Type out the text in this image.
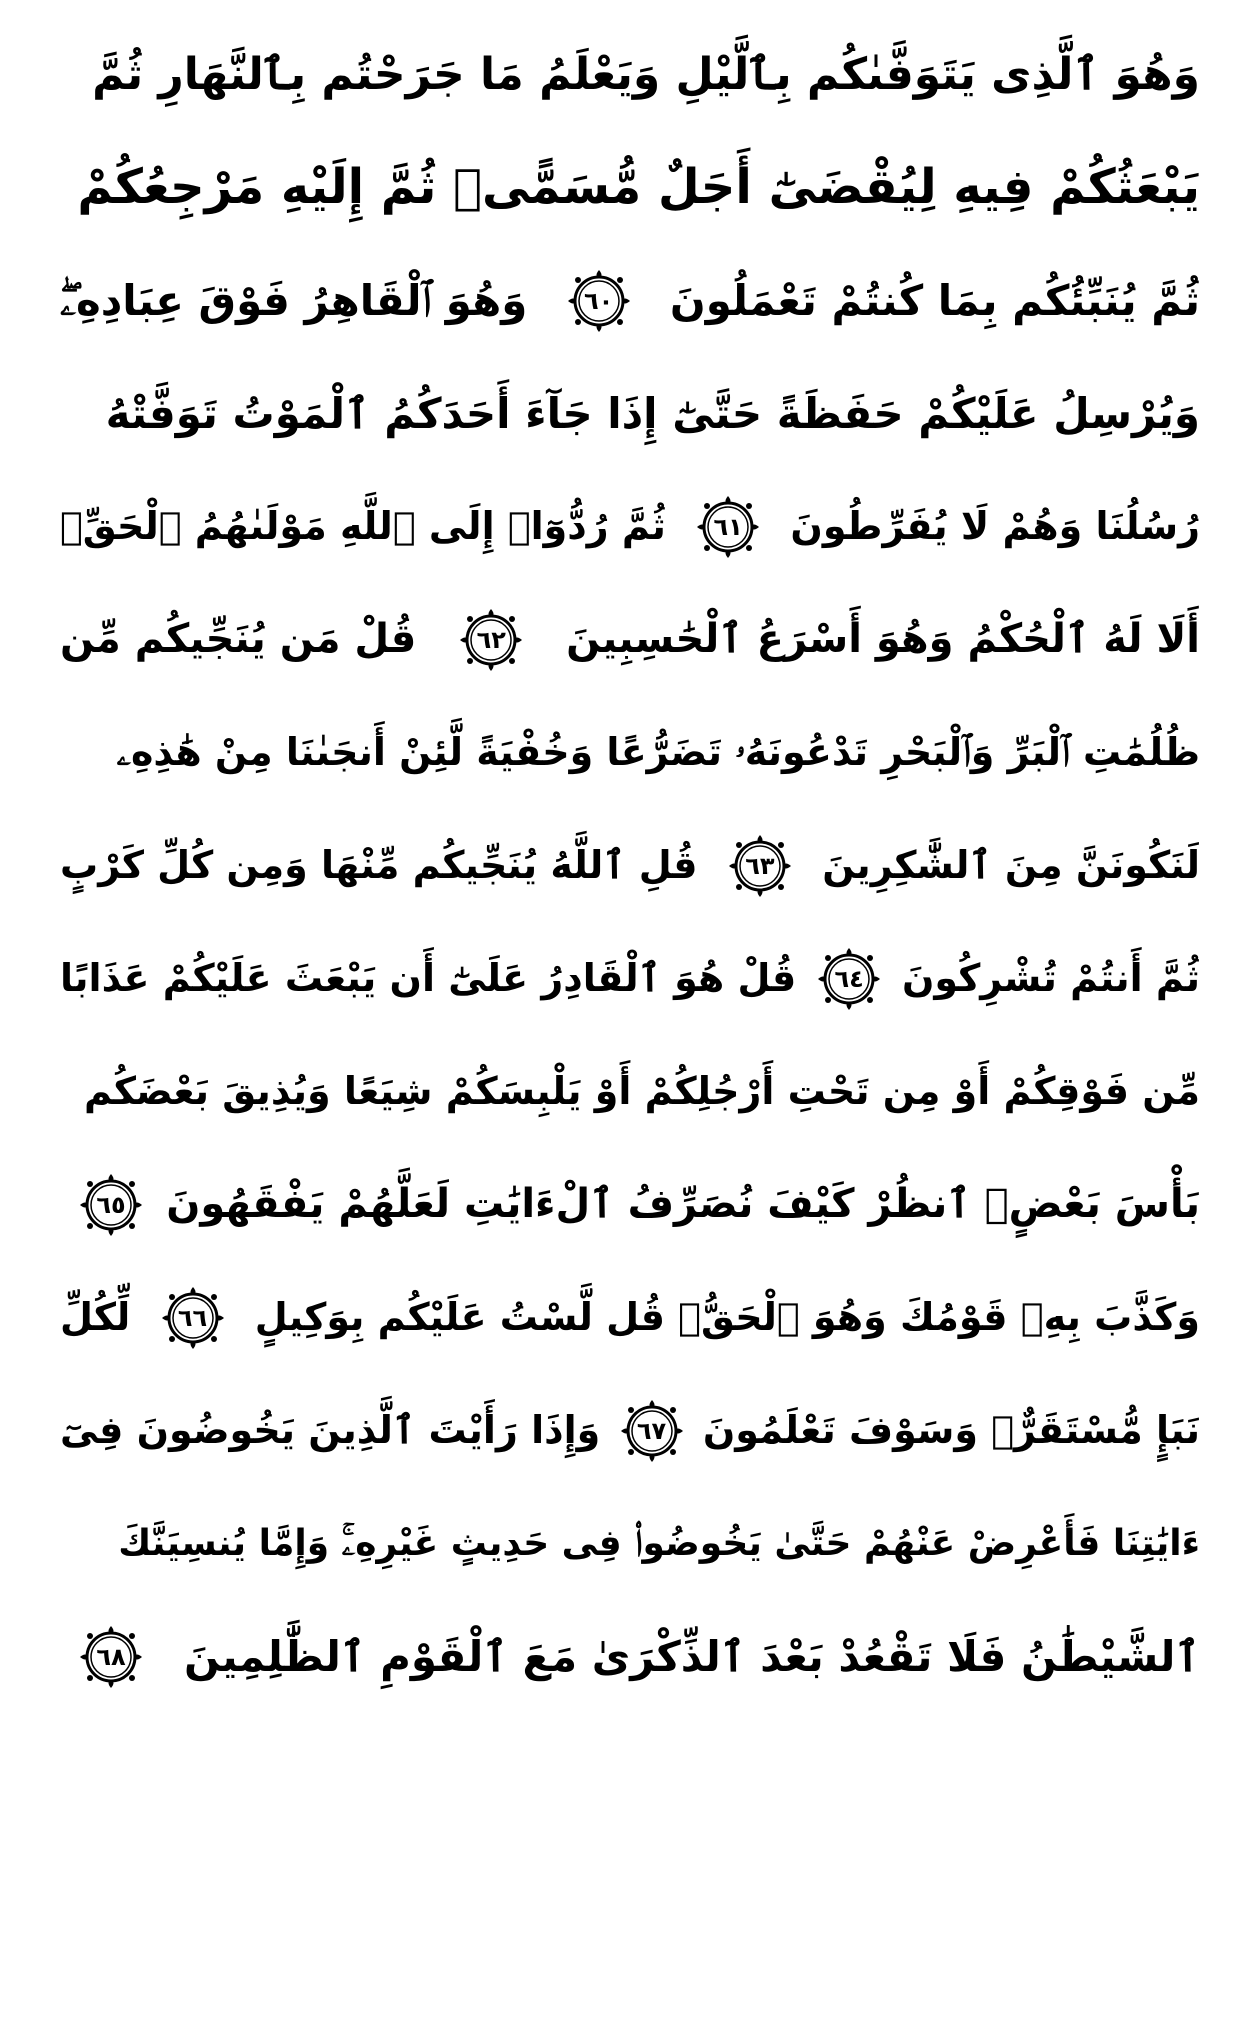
وَهُوَ ٱلَّذِى يَتَوَفَّىٰكُم بِٱلَّيْلِ وَيَعْلَمُ مَا جَرَحْتُم بِٱلنَّهَارِ ثُمَّ
يَبْعَثُكُمْ فِيهِ لِيُقْضَىٰٓ أَجَلٌ مُّسَمًّىۖ ثُمَّ إِلَيْهِ مَرْجِعُكُمْ
ثُمَّ يُنَبِّئُكُم بِمَا كُنتُمْ تَعْمَلُونَ
٦٠
وَهُوَ ٱلْقَاهِرُ فَوْقَ عِبَادِهِۦۖ
وَيُرْسِلُ عَلَيْكُمْ حَفَظَةً حَتَّىٰٓ إِذَا جَآءَ أَحَدَكُمُ ٱلْمَوْتُ تَوَفَّتْهُ
رُسُلُنَا وَهُمْ لَا يُفَرِّطُونَ
٦١
ثُمَّ رُدُّوٓا۟ إِلَى ٱللَّهِ مَوْلَىٰهُمُ ٱلْحَقِّۚ
أَلَا لَهُ ٱلْحُكْمُ وَهُوَ أَسْرَعُ ٱلْحَٰسِبِينَ
٦٢
قُلْ مَن يُنَجِّيكُم مِّن
ظُلُمَٰتِ ٱلْبَرِّ وَٱلْبَحْرِ تَدْعُونَهُۥ تَضَرُّعًا وَخُفْيَةً لَّئِنْ أَنجَىٰنَا مِنْ هَٰذِهِۦ
لَنَكُونَنَّ مِنَ ٱلشَّٰكِرِينَ
٦٣
قُلِ ٱللَّهُ يُنَجِّيكُم مِّنْهَا وَمِن كُلِّ كَرْبٍ
ثُمَّ أَنتُمْ تُشْرِكُونَ
٦٤
قُلْ هُوَ ٱلْقَادِرُ عَلَىٰٓ أَن يَبْعَثَ عَلَيْكُمْ عَذَابًا
مِّن فَوْقِكُمْ أَوْ مِن تَحْتِ أَرْجُلِكُمْ أَوْ يَلْبِسَكُمْ شِيَعًا وَيُذِيقَ بَعْضَكُم
بَأْسَ بَعْضٍۗ ٱنظُرْ كَيْفَ نُصَرِّفُ ٱلْءَايَٰتِ لَعَلَّهُمْ يَفْقَهُونَ
٦٥
وَكَذَّبَ بِهِۦ قَوْمُكَ وَهُوَ ٱلْحَقُّۚ قُل لَّسْتُ عَلَيْكُم بِوَكِيلٍ
٦٦
لِّكُلِّ
نَبَإٍ مُّسْتَقَرٌّۚ وَسَوْفَ تَعْلَمُونَ
٦٧
وَإِذَا رَأَيْتَ ٱلَّذِينَ يَخُوضُونَ فِىٓ
ءَايَٰتِنَا فَأَعْرِضْ عَنْهُمْ حَتَّىٰ يَخُوضُوا۟ فِى حَدِيثٍ غَيْرِهِۦۚ وَإِمَّا يُنسِيَنَّكَ
ٱلشَّيْطَٰنُ فَلَا تَقْعُدْ بَعْدَ ٱلذِّكْرَىٰ مَعَ ٱلْقَوْمِ ٱلظَّٰلِمِينَ
٦٨
